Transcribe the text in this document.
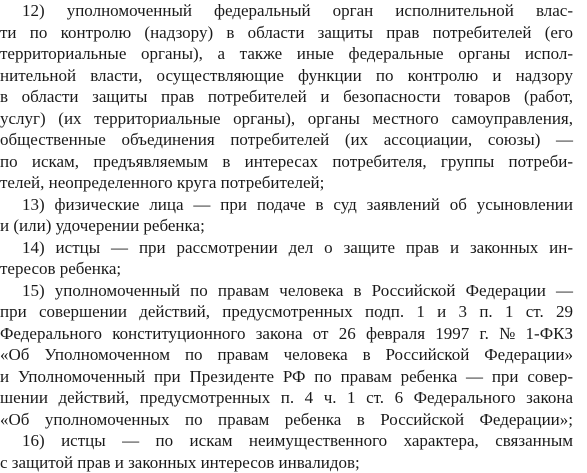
12) уполномоченный федеральный орган исполнительной влас-
ти по контролю (надзору) в области защиты прав потребителей (его
территориальные органы), а также иные федеральные органы испол-
нительной власти, осуществляющие функции по контролю и надзору
в области защиты прав потребителей и безопасности товаров (работ,
услуг) (их территориальные органы), органы местного самоуправления,
общественные объединения потребителей (их ассоциации, союзы) —
по искам, предъявляемым в интересах потребителя, группы потреби-
телей, неопределенного круга потребителей;
13) физические лица — при подаче в суд заявлений об усыновлении
и (или) удочерении ребенка;
14) истцы — при рассмотрении дел о защите прав и законных ин-
тересов ребенка;
15) уполномоченный по правам человека в Российской Федерации —
при совершении действий, предусмотренных подп. 1 и 3 п. 1 ст. 29
Федерального конституционного закона от 26 февраля 1997 г. № 1-ФКЗ
«Об Уполномоченном по правам человека в Российской Федерации»
и Уполномоченный при Президенте РФ по правам ребенка — при совер-
шении действий, предусмотренных п. 4 ч. 1 ст. 6 Федерального закона
«Об уполномоченных по правам ребенка в Российской Федерации»;
16) истцы — по искам неимущественного характера, связанным
с защитой прав и законных интересов инвалидов;
